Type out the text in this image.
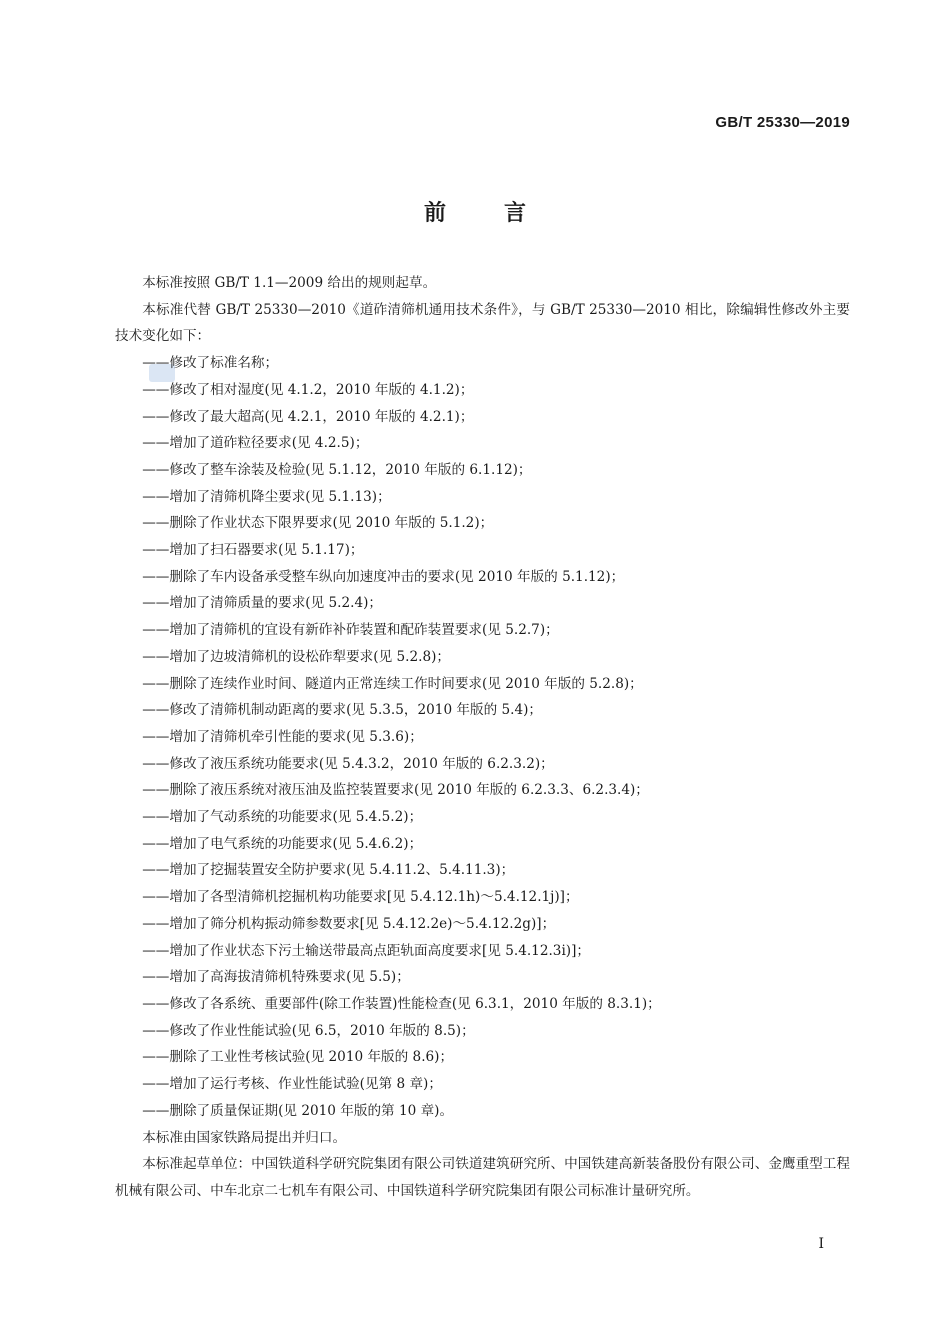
GB/T 25330—2019
前言

本标准按照 GB/T 1.1—2009 给出的规则起草。

本标准代替 GB/T 25330—2010《道砟清筛机通用技术条件》，与 GB/T 25330—2010 相比，除编辑性修改外主要技术变化如下：

——修改了标准名称；

——修改了相对湿度(见 4.1.2，2010 年版的 4.1.2)；

——修改了最大超高(见 4.2.1，2010 年版的 4.2.1)；

——增加了道砟粒径要求(见 4.2.5)；

——修改了整车涂装及检验(见 5.1.12，2010 年版的 6.1.12)；

——增加了清筛机降尘要求(见 5.1.13)；

——删除了作业状态下限界要求(见 2010 年版的 5.1.2)；

——增加了扫石器要求(见 5.1.17)；

——删除了车内设备承受整车纵向加速度冲击的要求(见 2010 年版的 5.1.12)；

——增加了清筛质量的要求(见 5.2.4)；

——增加了清筛机的宜设有新砟补砟装置和配砟装置要求(见 5.2.7)；

——增加了边坡清筛机的设松砟犁要求(见 5.2.8)；

——删除了连续作业时间、隧道内正常连续工作时间要求(见 2010 年版的 5.2.8)；

——修改了清筛机制动距离的要求(见 5.3.5，2010 年版的 5.4)；

——增加了清筛机牵引性能的要求(见 5.3.6)；

——修改了液压系统功能要求(见 5.4.3.2，2010 年版的 6.2.3.2)；

——删除了液压系统对液压油及监控装置要求(见 2010 年版的 6.2.3.3、6.2.3.4)；

——增加了气动系统的功能要求(见 5.4.5.2)；

——增加了电气系统的功能要求(见 5.4.6.2)；

——增加了挖掘装置安全防护要求(见 5.4.11.2、5.4.11.3)；

——增加了各型清筛机挖掘机构功能要求[见 5.4.12.1h)～5.4.12.1j)]；

——增加了筛分机构振动筛参数要求[见 5.4.12.2e)～5.4.12.2g)]；

——增加了作业状态下污土输送带最高点距轨面高度要求[见 5.4.12.3i)]；

——增加了高海拔清筛机特殊要求(见 5.5)；

——修改了各系统、重要部件(除工作装置)性能检查(见 6.3.1，2010 年版的 8.3.1)；

——修改了作业性能试验(见 6.5，2010 年版的 8.5)；

——删除了工业性考核试验(见 2010 年版的 8.6)；

——增加了运行考核、作业性能试验(见第 8 章)；

——删除了质量保证期(见 2010 年版的第 10 章)。

本标准由国家铁路局提出并归口。

本标准起草单位：中国铁道科学研究院集团有限公司铁道建筑研究所、中国铁建高新装备股份有限公司、金鹰重型工程机械有限公司、中车北京二七机车有限公司、中国铁道科学研究院集团有限公司标准计量研究所。

I
